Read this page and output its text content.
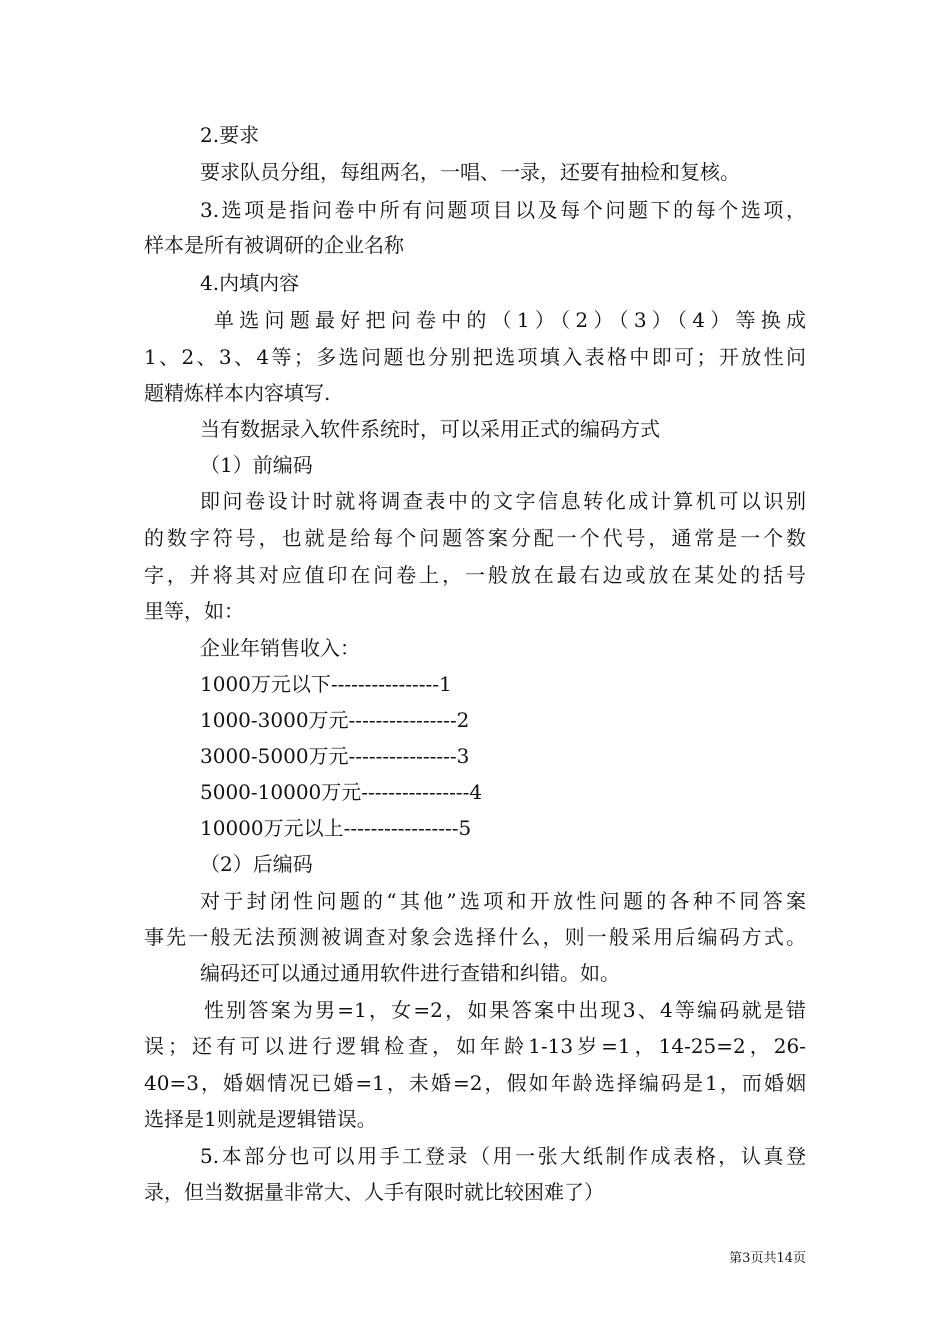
2.要求
要求队员分组，每组两名，一唱、一录，还要有抽检和复核。
3.选项是指问卷中所有问题项目以及每个问题下的每个选项，
样本是所有被调研的企业名称
4.内填内容
单选问题最好把问卷中的（1）（2）（3）（4）等换成
1、2、3、4等；多选问题也分别把选项填入表格中即可；开放性问
题精炼样本内容填写.
当有数据录入软件系统时，可以采用正式的编码方式
（1）前编码
即问卷设计时就将调查表中的文字信息转化成计算机可以识别
的数字符号，也就是给每个问题答案分配一个代号，通常是一个数
字，并将其对应值印在问卷上，一般放在最右边或放在某处的括号
里等，如：
企业年销售收入：
1000万元以下----------------1
1000-3000万元----------------2
3000-5000万元----------------3
5000-10000万元----------------4
10000万元以上-----------------5
（2）后编码
对于封闭性问题的“其他”选项和开放性问题的各种不同答案
事先一般无法预测被调查对象会选择什么，则一般采用后编码方式。
编码还可以通过通用软件进行查错和纠错。如。
性别答案为男=1，女=2，如果答案中出现3、4等编码就是错
误；还有可以进行逻辑检查，如年龄1-13岁=1，14-25=2，26-
40=3，婚姻情况已婚=1，未婚=2，假如年龄选择编码是1，而婚姻
选择是1则就是逻辑错误。
5.本部分也可以用手工登录（用一张大纸制作成表格，认真登
录，但当数据量非常大、人手有限时就比较困难了）
第3页共14页
